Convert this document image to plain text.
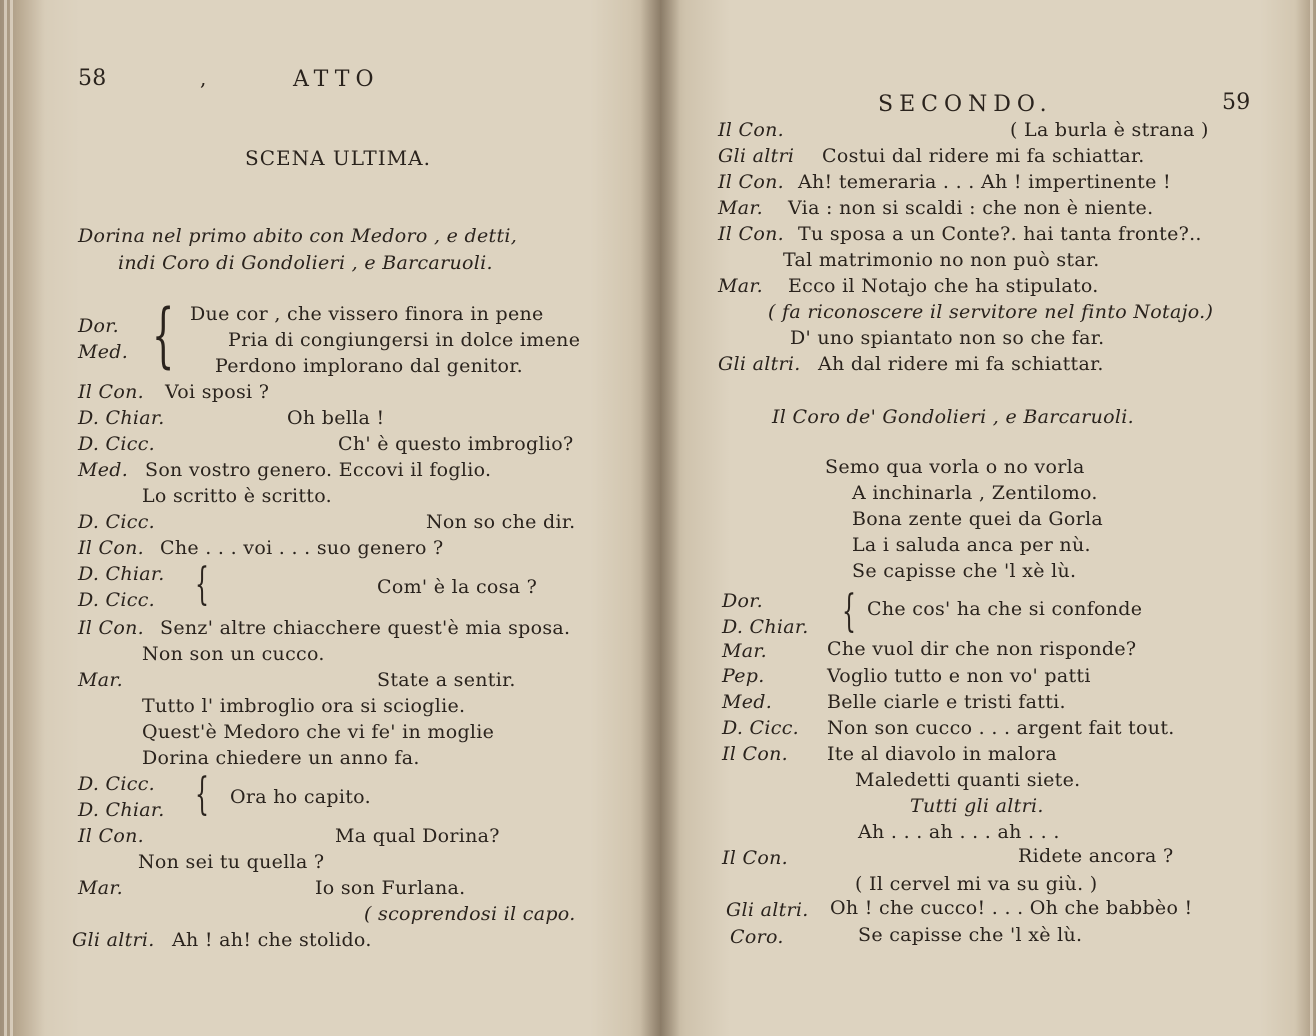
58	,	ATTO
SCENA ULTIMA.
Dorina nel primo abito con Medoro , e detti,
indi Coro di Gondolieri , e Barcaruoli.
Dor.
Med. { Due cor , che vissero finora in pene
Pria di congiungersi in dolce imene
Perdono implorano dal genitor.
Il Con. Voi sposi ?
D. Chiar.	Oh bella !
D. Cicc.	Ch' è questo imbroglio?
Med. Son vostro genero. Eccovi il foglio.
Lo scritto è scritto.
D. Cicc.	Non so che dir.
Il Con. Che . . . voi . . . suo genero ?
D. Chiar.
D. Cicc. {	Com' è la cosa ?
Il Con. Senz' altre chiacchere quest'è mia sposa.
Non son un cucco.
Mar.	State a sentir.
Tutto l' imbroglio ora si scioglie.
Quest'è Medoro che vi fe' in moglie
Dorina chiedere un anno fa.
D. Cicc.
D. Chiar. { Ora ho capito.
Il Con.	Ma qual Dorina?
Non sei tu quella ?
Mar.	Io son Furlana.
( scoprendosi il capo.
Gli altri. Ah ! ah! che stolido.
SECONDO.	59
Il Con.	( La burla è strana )
Gli altri Costui dal ridere mi fa schiattar.
Il Con. Ah! temeraria . . . Ah ! impertinente !
Mar. Via : non si scaldi : che non è niente.
Il Con. Tu sposa a un Conte?. hai tanta fronte?..
Tal matrimonio no non può star.
Mar. Ecco il Notajo che ha stipulato.
( fa riconoscere il servitore nel finto Notajo.)
D' uno spiantato non so che far.
Gli altri. Ah dal ridere mi fa schiattar.
Il Coro de' Gondolieri , e Barcaruoli.
Semo qua vorla o no vorla
A inchinarla , Zentilomo.
Bona zente quei da Gorla
La i saluda anca per nù.
Se capisse che 'l xè lù.
Dor.
D. Chiar. { Che cos' ha che si confonde
Mar.	Che vuol dir che non risponde?
Pep.	Voglio tutto e non vo' patti
Med.	Belle ciarle e tristi fatti.
D. Cicc. Non son cucco . . . argent fait tout.
Il Con. Ite al diavolo in malora
Maledetti quanti siete.
Tutti gli altri.
Ah . . . ah . . . ah . . .
Il Con.	Ridete ancora ?
( Il cervel mi va su giù. )
Gli altri. Oh ! che cucco! . . . Oh che babbèo !
Coro.	Se capisse che 'l xè lù.
